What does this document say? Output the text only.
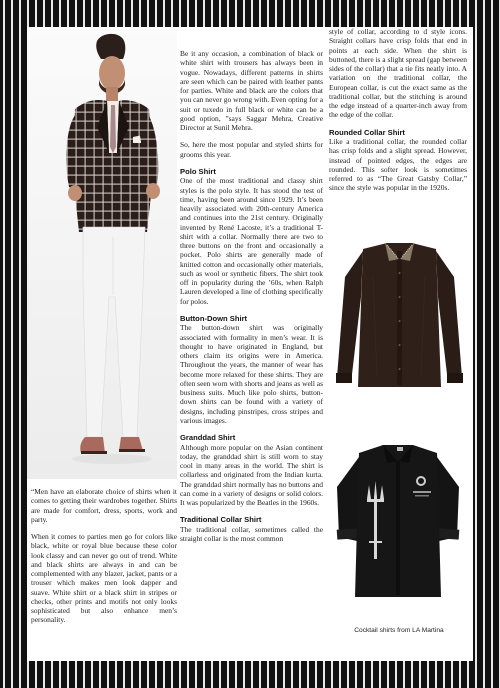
“Men have an elaborate choice of shirts when it comes to getting their wardrobes together. Shirts are made for comfort, dress, sports, work and party.

When it comes to parties men go for colors like black, white or royal blue because these color look classy and can never go out of trend. White and black shirts are always in and can be complemented with any blazer, jacket, pants or a trouser which makes men look dapper and suave. White shirt or a black shirt in stripes or checks, other prints and motifs not only looks sophisticated but also enhance men’s personality.

Be it any occasion, a combination of black or white shirt with trousers has always been in vogue. Nowadays, different patterns in shirts are seen which can be paired with leather pants for parties. White and black are the colors that you can never go wrong with. Even opting for a suit or tuxedo in full black or white can be a good option, ”says Saggar Mehra, Creative Director at Sunil Mehra.

So, here the most popular and styled shirts for grooms this year.

Polo Shirt

One of the most traditional and classy shirt styles is the polo style. It has stood the test of time, having been around since 1929. It’s been heavily associated with 20th-century America and continues into the 21st century. Originally invented by René Lacoste, it’s a traditional T-shirt with a collar. Normally there are two to three buttons on the front and occasionally a pocket. Polo shirts are generally made of knitted cotton and occasionally other materials, such as wool or synthetic fibers. The shirt took off in popularity during the ’60s, when Ralph Lauren developed a line of clothing specifically for polos.

Button-Down Shirt

The button-down shirt was originally associated with formality in men’s wear. It is thought to have originated in England, but others claim its origins were in America. Throughout the years, the manner of wear has become more relaxed for these shirts. They are often seen worn with shorts and jeans as well as business suits. Much like polo shirts, button-down shirts can be found with a variety of designs, including pinstripes, cross stripes and various images.

Granddad Shirt

Although more popular on the Asian continent today, the granddad shirt is still worn to stay cool in many areas in the world. The shirt is collarless and originated from the Indian kurta. The granddad shirt normally has no buttons and can come in a variety of designs or solid colors. It was popularized by the Beatles in the 1960s.

Traditional Collar Shirt

The traditional collar, sometimes called the straight collar is the most common

style of collar, according to d style icons. Straight collars have crisp folds that end in points at each side. When the shirt is buttoned, there is a slight spread (gap between sides of the collar) that a tie fits neatly into. A variation on the traditional collar, the European collar, is cut the exact same as the traditional collar, but the stitching is around the edge instead of a quarter-inch away from the edge of the collar.

Rounded Collar Shirt

Like a traditional collar, the rounded collar has crisp folds and a slight spread. However, instead of pointed edges, the edges are rounded. This softer look is sometimes referred to as “The Great Gatsby Collar,” since the style was popular in the 1920s.

Cocktail shirts from LA Martina
